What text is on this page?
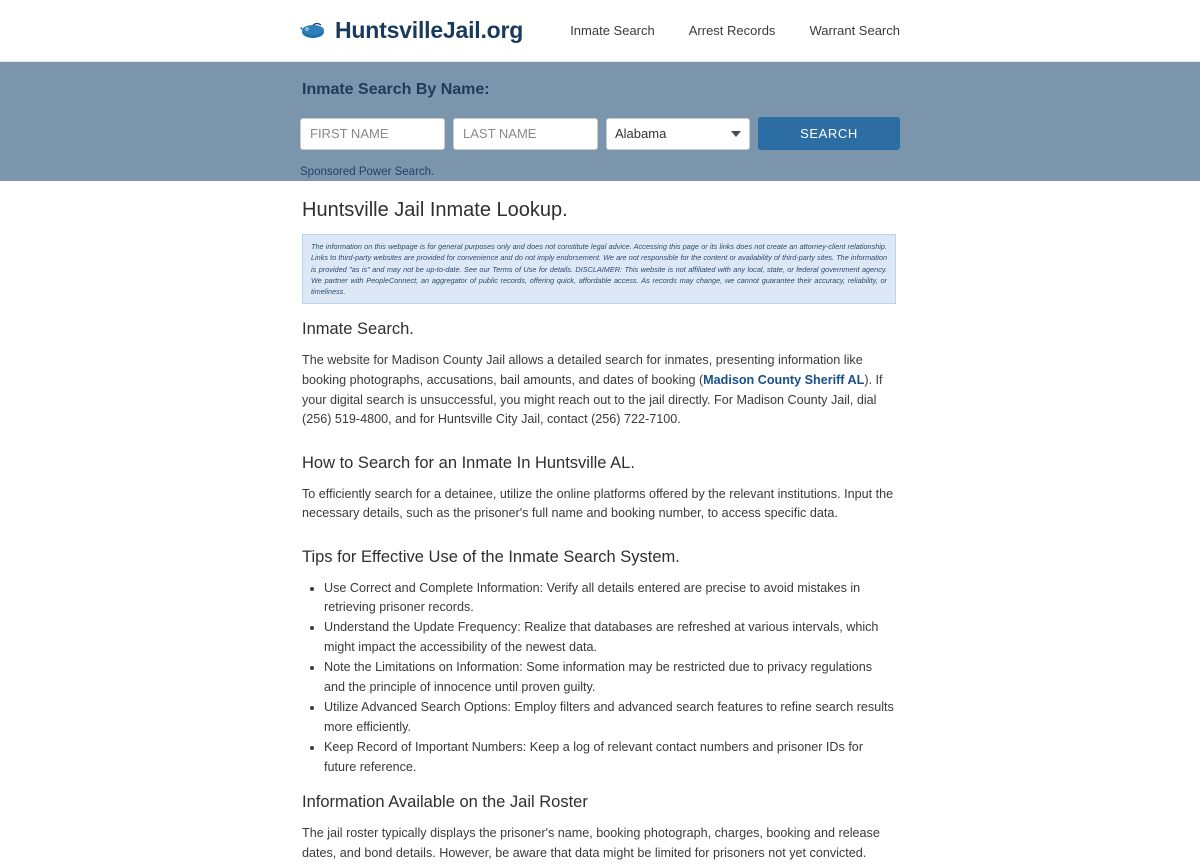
HuntsvilleJail.org	Inmate Search	Arrest Records	Warrant Search
Inmate Search By Name:
FIRST NAME
LAST NAME
Alabama
SEARCH
Sponsored Power Search.
Huntsville Jail Inmate Lookup.
The information on this webpage is for general purposes only and does not constitute legal advice. Accessing this page or its links does not create an attorney-client relationship. Links to third-party websites are provided for convenience and do not imply endorsement. We are not responsible for the content or availability of third-party sites. The information is provided "as is" and may not be up-to-date. See our Terms of Use for details. DISCLAIMER: This website is not affiliated with any local, state, or federal government agency. We partner with PeopleConnect, an aggregator of public records, offering quick, affordable access. As records may change, we cannot guarantee their accuracy, reliability, or timeliness.
Inmate Search.

The website for Madison County Jail allows a detailed search for inmates, presenting information like booking photographs, accusations, bail amounts, and dates of booking (Madison County Sheriff AL). If your digital search is unsuccessful, you might reach out to the jail directly. For Madison County Jail, dial (256) 519-4800, and for Huntsville City Jail, contact (256) 722-7100.

How to Search for an Inmate In Huntsville AL.

To efficiently search for a detainee, utilize the online platforms offered by the relevant institutions. Input the necessary details, such as the prisoner's full name and booking number, to access specific data.

Tips for Effective Use of the Inmate Search System.
• Use Correct and Complete Information: Verify all details entered are precise to avoid mistakes in retrieving prisoner records.
• Understand the Update Frequency: Realize that databases are refreshed at various intervals, which might impact the accessibility of the newest data.
• Note the Limitations on Information: Some information may be restricted due to privacy regulations and the principle of innocence until proven guilty.
• Utilize Advanced Search Options: Employ filters and advanced search features to refine search results more efficiently.
• Keep Record of Important Numbers: Keep a log of relevant contact numbers and prisoner IDs for future reference.
Information Available on the Jail Roster

The jail roster typically displays the prisoner's name, booking photograph, charges, booking and release dates, and bond details. However, be aware that data might be limited for prisoners not yet convicted.
